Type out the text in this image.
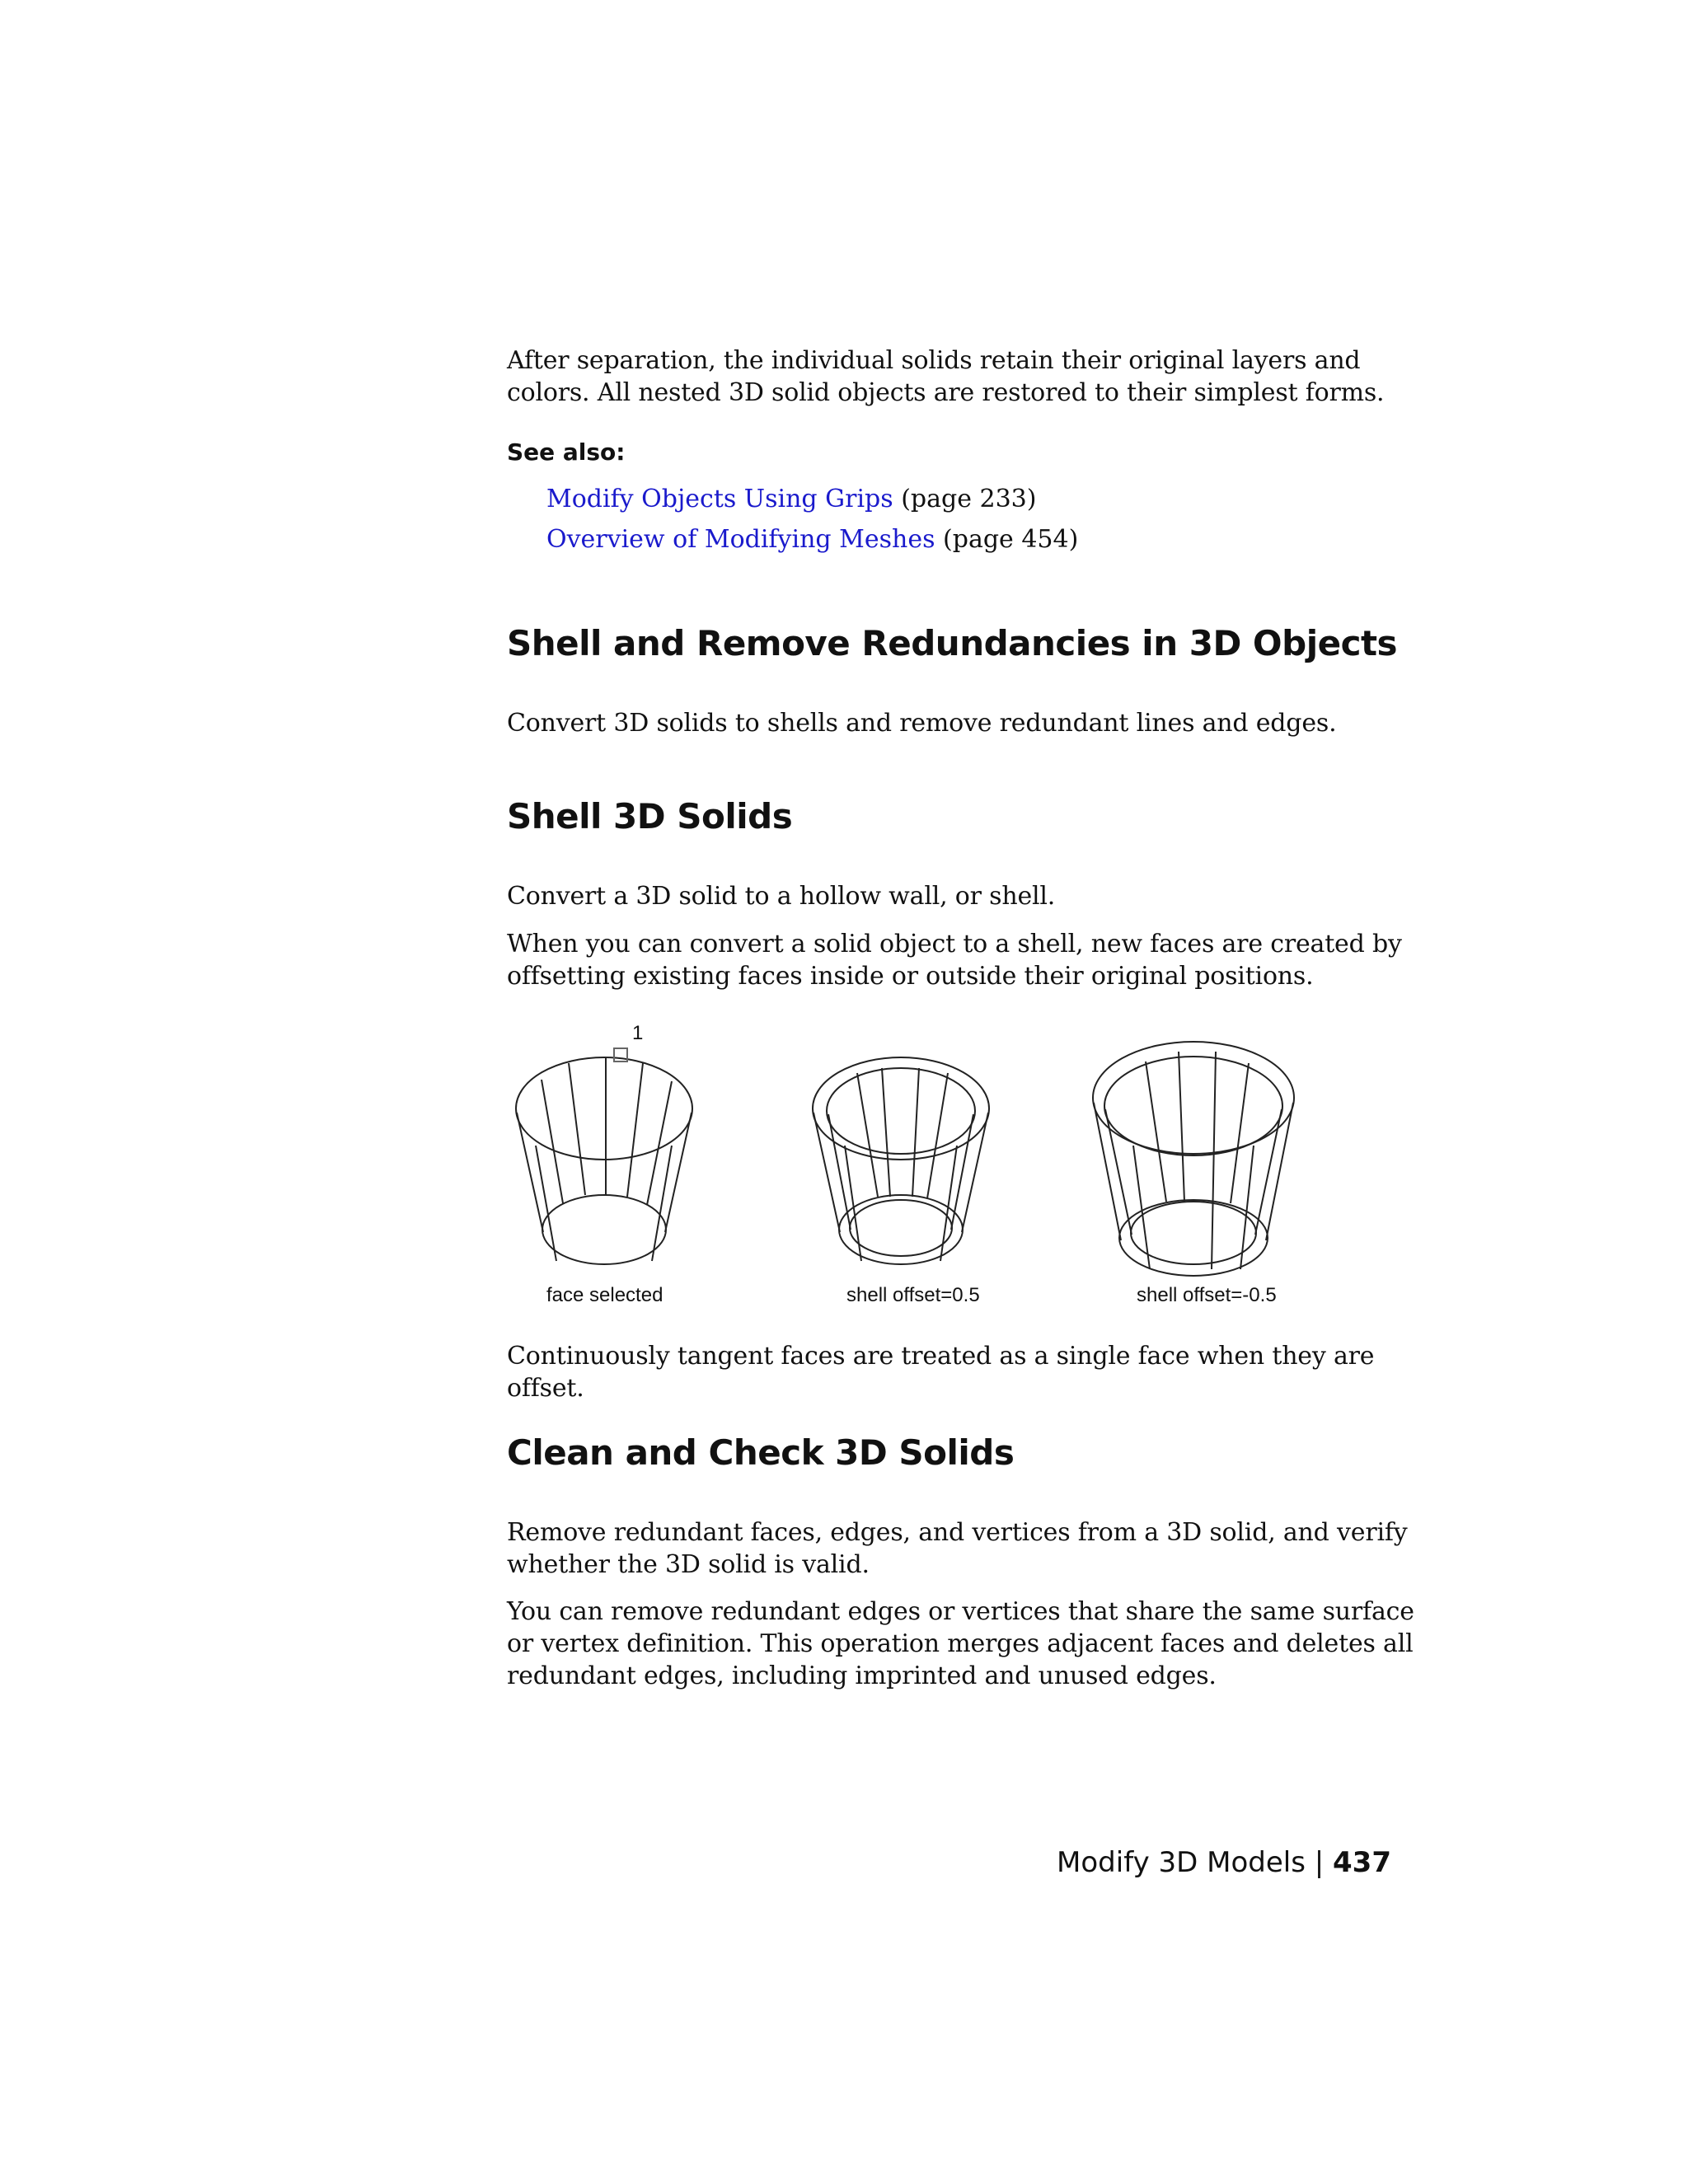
After separation, the individual solids retain their original layers and colors. All nested 3D solid objects are restored to their simplest forms.
See also:
Modify Objects Using Grips (page 233)
Overview of Modifying Meshes (page 454)
Shell and Remove Redundancies in 3D Objects
Convert 3D solids to shells and remove redundant lines and edges.
Shell 3D Solids
Convert a 3D solid to a hollow wall, or shell.
When you can convert a solid object to a shell, new faces are created by offsetting existing faces inside or outside their original positions.
Continuously tangent faces are treated as a single face when they are offset.
Clean and Check 3D Solids
Remove redundant faces, edges, and vertices from a 3D solid, and verify whether the 3D solid is valid.
You can remove redundant edges or vertices that share the same surface or vertex definition. This operation merges adjacent faces and deletes all redundant edges, including imprinted and unused edges.
1
face selected	shell offset=0.5	shell offset=-0.5
Modify 3D Models | 437
